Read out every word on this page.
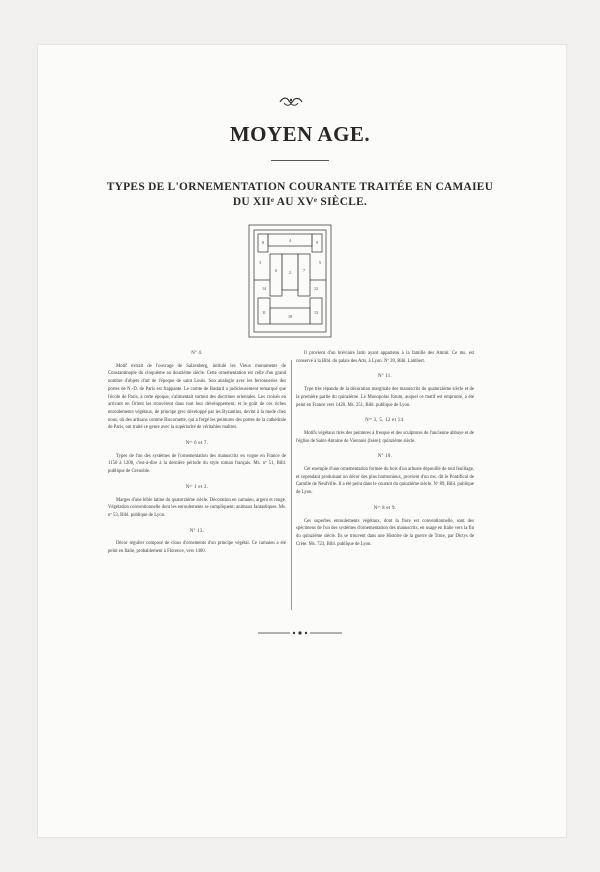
MOYEN AGE.
TYPES DE L'ORNEMENTATION COURANTE TRAITÉE EN CAMAIEU
DU XIIᵉ AU XVᵉ SIÈCLE.
8	4	9
3
6	7
5
2
14	12
11	13
10
Nº 4.

Motif extrait de l'ouvrage de Salzenberg, intitulé les Vieux monuments de Constantinople du cinquième au douzième siècle. Cette ornementation est celle d'un grand nombre d'objets d'art de l'époque de saint Louis. Son analogie avec les ferronneries des portes de N.-D. de Paris est frappante. Le comte de Bastard a judicieusement remarqué que l'école de Paris, à cette époque, s'alimentait surtout des doctrines orientales. Les croisés en arrivant en Orient les trouvèrent dans tout leur développement, et le goût de ces riches enroulements végétaux, de principe grec développé par les Byzantins, devint à la mode chez nous, où des artisans comme Biscornette, qui a forgé les peintures des portes de la cathédrale de Paris, ont traité ce genre avec la supériorité de véritables maîtres.

Nᵒˢ 6 et 7.

Types de l'un des systèmes de l'ornementation des manuscrits en vogue en France de 1150 à 1200, c'est-à-dire à la dernière période du style roman français. Ms. nº 51, Bibl. publique de Grenoble.

Nᵒˢ 1 et 2.

Marges d'une bible latine du quatorzième siècle. Décoration en camaieu, argent et rouge. Végétation conventionnelle dont les enroulements se compliquent; animaux fantastiques. Ms. nº 53, Bibl. publique de Lyon.

Nº 13.

Décor régulier composé de clous d'ornements d'un principe végétal. Ce camaieu a été peint en Italie, probablement à Florence, vers 1400.

Il provient d'un bréviaire latin ayant appartenu à la famille des Amini. Ce ms. est conservé à la Bibl. du palais des Arts, à Lyon. Nº 20, Bibl. Lambert.

Nº 11.

Type très répandu de la décoration marginale des manuscrits du quatorzième siècle et de la première partie du quinzième. Le Monopolus forum, auquel ce motif est emprunté, a été peint en France vers 1420. Ms. 251, Bibl. publique de Lyon.

Nᵒˢ 3, 5, 12 et 14.

Motifs végétaux tirés des peintures à fresque et des sculptures de l'ancienne abbaye et de l'église de Saint-Antoine de Viennois (Isère); quinzième siècle.

Nº 10.

Cet exemple d'une ornementation formée du bois d'un arbuste dépouillé de tout feuillage, et cependant produisant un décor des plus harmonieux, provient d'un ms. dit le Pontifical de Camille de Neufville. Il a été peint dans le courant du quinzième siècle. Nº 89, Bibl. publique de Lyon.

Nᵒˢ 8 et 9.

Ces superbes enroulements végétaux, dont la flore est conventionnelle, sont des spécimens de l'un des systèmes d'ornementation des manuscrits, en usage en Italie vers la fin du quinzième siècle. Ils se trouvent dans une Histoire de la guerre de Troie, par Dictys de Crète. Ms. 723, Bibl. publique de Lyon.
